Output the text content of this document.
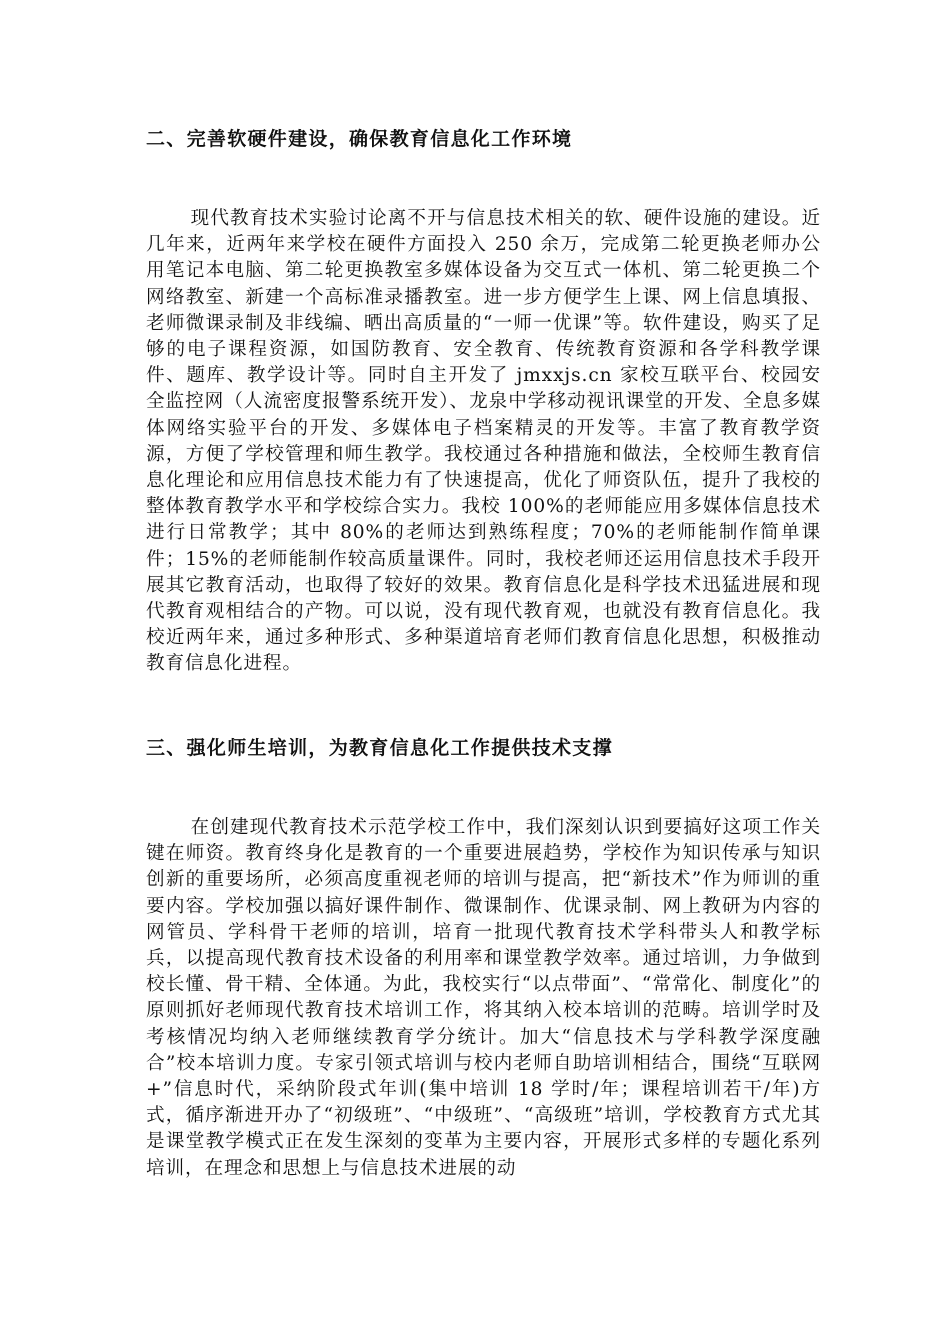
二、完善软硬件建设，确保教育信息化工作环境

现代教育技术实验讨论离不开与信息技术相关的软、硬件设施的建设。近几年来，近两年来学校在硬件方面投入 250 余万，完成第二轮更换老师办公用笔记本电脑、第二轮更换教室多媒体设备为交互式一体机、第二轮更换二个网络教室、新建一个高标准录播教室。进一步方便学生上课、网上信息填报、老师微课录制及非线编、晒出高质量的“一师一优课”等。软件建设，购买了足够的电子课程资源，如国防教育、安全教育、传统教育资源和各学科教学课件、题库、教学设计等。同时自主开发了 jmxxjs.cn 家校互联平台、校园安全监控网（人流密度报警系统开发）、龙泉中学移动视讯课堂的开发、全息多媒体网络实验平台的开发、多媒体电子档案精灵的开发等。丰富了教育教学资源，方便了学校管理和师生教学。我校通过各种措施和做法，全校师生教育信息化理论和应用信息技术能力有了快速提高，优化了师资队伍，提升了我校的整体教育教学水平和学校综合实力。我校 100%的老师能应用多媒体信息技术进行日常教学；其中 80%的老师达到熟练程度；70%的老师能制作简单课件；15%的老师能制作较高质量课件。同时，我校老师还运用信息技术手段开展其它教育活动，也取得了较好的效果。教育信息化是科学技术迅猛进展和现代教育观相结合的产物。可以说，没有现代教育观，也就没有教育信息化。我校近两年来，通过多种形式、多种渠道培育老师们教育信息化思想，积极推动教育信息化进程。

三、强化师生培训，为教育信息化工作提供技术支撑

在创建现代教育技术示范学校工作中，我们深刻认识到要搞好这项工作关键在师资。教育终身化是教育的一个重要进展趋势，学校作为知识传承与知识创新的重要场所，必须高度重视老师的培训与提高，把“新技术”作为师训的重要内容。学校加强以搞好课件制作、微课制作、优课录制、网上教研为内容的网管员、学科骨干老师的培训，培育一批现代教育技术学科带头人和教学标兵，以提高现代教育技术设备的利用率和课堂教学效率。通过培训，力争做到校长懂、骨干精、全体通。为此，我校实行“以点带面”、“常常化、制度化”的原则抓好老师现代教育技术培训工作，将其纳入校本培训的范畴。培训学时及考核情况均纳入老师继续教育学分统计。加大“信息技术与学科教学深度融合”校本培训力度。专家引领式培训与校内老师自助培训相结合，围绕“互联网+”信息时代，采纳阶段式年训(集中培训 18 学时/年；课程培训若干/年)方式，循序渐进开办了“初级班”、“中级班”、“高级班”培训，学校教育方式尤其是课堂教学模式正在发生深刻的变革为主要内容，开展形式多样的专题化系列培训，在理念和思想上与信息技术进展的动
